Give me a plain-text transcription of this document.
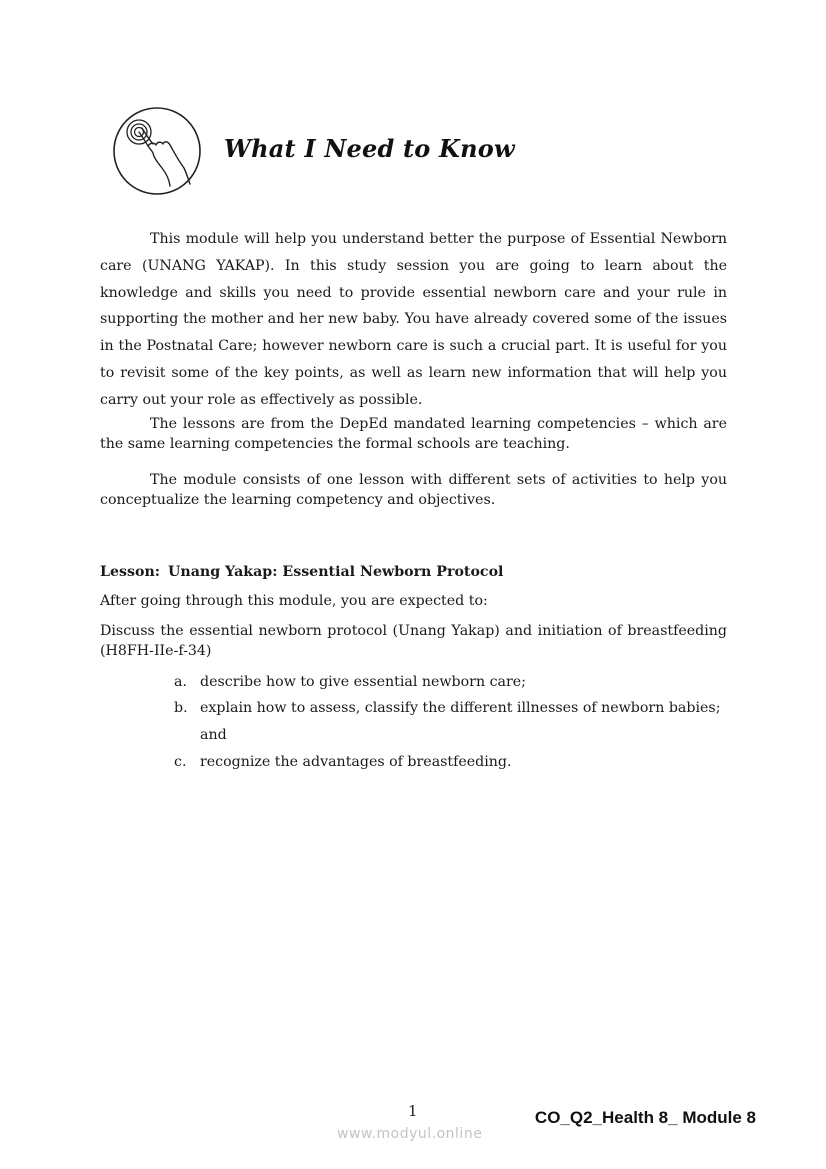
What I Need to Know

This module will help you understand better the purpose of Essential Newborn care (UNANG YAKAP). In this study session you are going to learn about the knowledge and skills you need to provide essential newborn care and your rule in supporting the mother and her new baby. You have already covered some of the issues in the Postnatal Care; however newborn care is such a crucial part. It is useful for you to revisit some of the key points, as well as learn new information that will help you carry out your role as effectively as possible.

The lessons are from the DepEd mandated learning competencies – which are the same learning competencies the formal schools are teaching.

The module consists of one lesson with different sets of activities to help you conceptualize the learning competency and objectives.

Lesson: Unang Yakap: Essential Newborn Protocol

After going through this module, you are expected to:

Discuss the essential newborn protocol (Unang Yakap) and initiation of breastfeeding (H8FH-IIe-f-34)

a. describe how to give essential newborn care;
b. explain how to assess, classify the different illnesses of newborn babies; and
c. recognize the advantages of breastfeeding.
1	CO_Q2_Health 8_ Module 8
www.modyul.online
